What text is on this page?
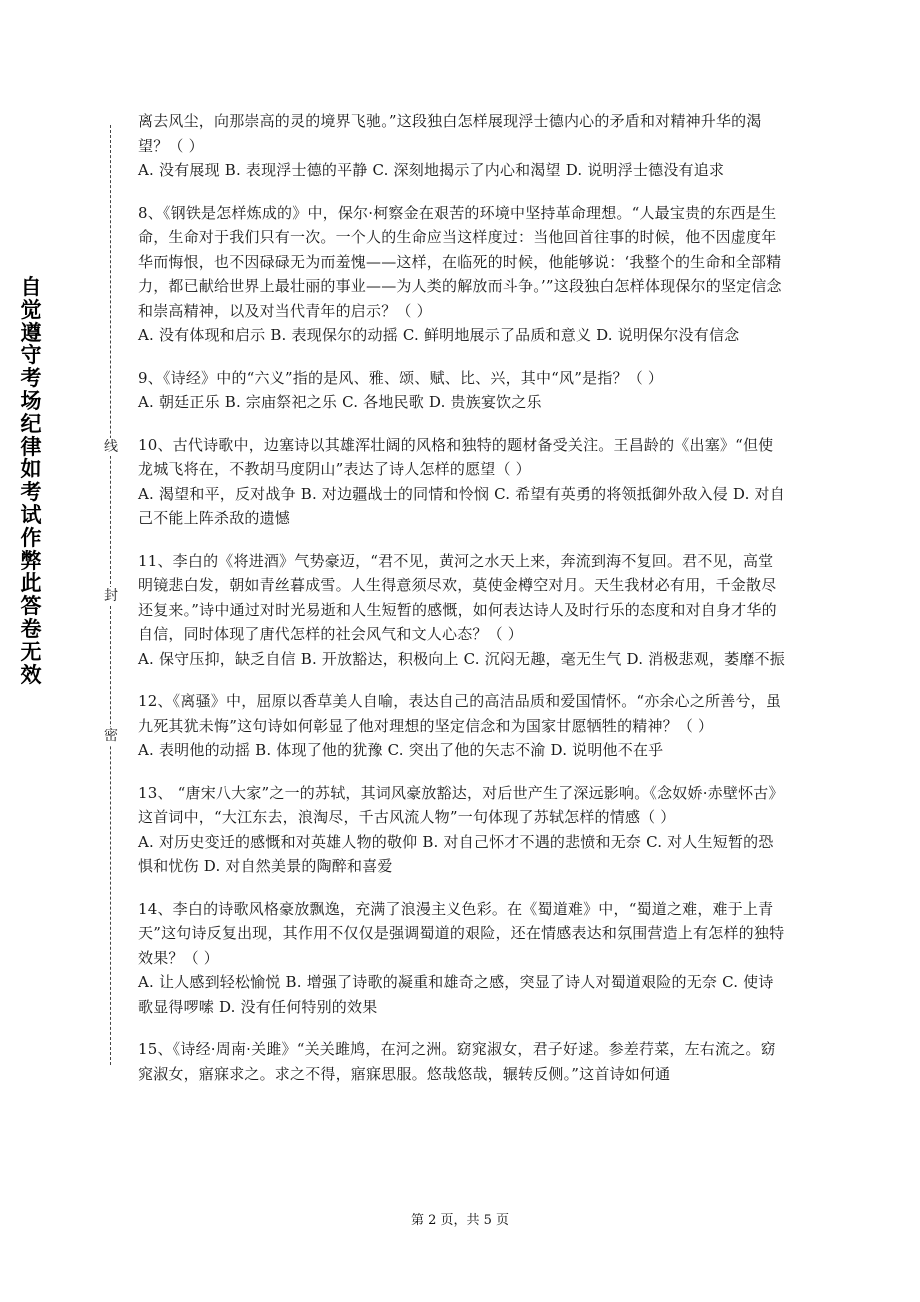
自觉遵守考场纪律如考试作弊此答卷无效
线
封
密

离去风尘，向那崇高的灵的境界飞驰。”这段独白怎样展现浮士德内心的矛盾和对精神升华的渴望？（ ）

A. 没有展现 B. 表现浮士德的平静 C. 深刻地揭示了内心和渴望 D. 说明浮士德没有追求

8、《钢铁是怎样炼成的》中，保尔·柯察金在艰苦的环境中坚持革命理想。“人最宝贵的东西是生命，生命对于我们只有一次。一个人的生命应当这样度过：当他回首往事的时候，他不因虚度年华而悔恨，也不因碌碌无为而羞愧——这样，在临死的时候，他能够说：‘我整个的生命和全部精力，都已献给世界上最壮丽的事业——为人类的解放而斗争。’”这段独白怎样体现保尔的坚定信念和崇高精神，以及对当代青年的启示？（ ）

A. 没有体现和启示 B. 表现保尔的动摇 C. 鲜明地展示了品质和意义 D. 说明保尔没有信念

9、《诗经》中的“六义”指的是风、雅、颂、赋、比、兴，其中“风”是指？（ ）

A. 朝廷正乐 B. 宗庙祭祀之乐 C. 各地民歌 D. 贵族宴饮之乐

10、古代诗歌中，边塞诗以其雄浑壮阔的风格和独特的题材备受关注。王昌龄的《出塞》“但使龙城飞将在，不教胡马度阴山”表达了诗人怎样的愿望（ ）

A. 渴望和平，反对战争 B. 对边疆战士的同情和怜悯 C. 希望有英勇的将领抵御外敌入侵 D. 对自己不能上阵杀敌的遗憾

11、李白的《将进酒》气势豪迈，“君不见，黄河之水天上来，奔流到海不复回。君不见，高堂明镜悲白发，朝如青丝暮成雪。人生得意须尽欢，莫使金樽空对月。天生我材必有用，千金散尽还复来。”诗中通过对时光易逝和人生短暂的感慨，如何表达诗人及时行乐的态度和对自身才华的自信，同时体现了唐代怎样的社会风气和文人心态？（ ）

A. 保守压抑，缺乏自信 B. 开放豁达，积极向上 C. 沉闷无趣，毫无生气 D. 消极悲观，萎靡不振

12、《离骚》中，屈原以香草美人自喻，表达自己的高洁品质和爱国情怀。“亦余心之所善兮，虽九死其犹未悔”这句诗如何彰显了他对理想的坚定信念和为国家甘愿牺牲的精神？（ ）

A. 表明他的动摇 B. 体现了他的犹豫 C. 突出了他的矢志不渝 D. 说明他不在乎

13、 “唐宋八大家”之一的苏轼，其词风豪放豁达，对后世产生了深远影响。《念奴娇·赤壁怀古》这首词中，“大江东去，浪淘尽，千古风流人物”一句体现了苏轼怎样的情感（ ）

A. 对历史变迁的感慨和对英雄人物的敬仰 B. 对自己怀才不遇的悲愤和无奈 C. 对人生短暂的恐惧和忧伤 D. 对自然美景的陶醉和喜爱

14、李白的诗歌风格豪放飘逸，充满了浪漫主义色彩。在《蜀道难》中，“蜀道之难，难于上青天”这句诗反复出现，其作用不仅仅是强调蜀道的艰险，还在情感表达和氛围营造上有怎样的独特效果？（ ）

A. 让人感到轻松愉悦 B. 增强了诗歌的凝重和雄奇之感，突显了诗人对蜀道艰险的无奈 C. 使诗歌显得啰嗦 D. 没有任何特别的效果

15、《诗经·周南·关雎》“关关雎鸠，在河之洲。窈窕淑女，君子好逑。参差荇菜，左右流之。窈窕淑女，寤寐求之。求之不得，寤寐思服。悠哉悠哉，辗转反侧。”这首诗如何通

第 2 页，共 5 页
